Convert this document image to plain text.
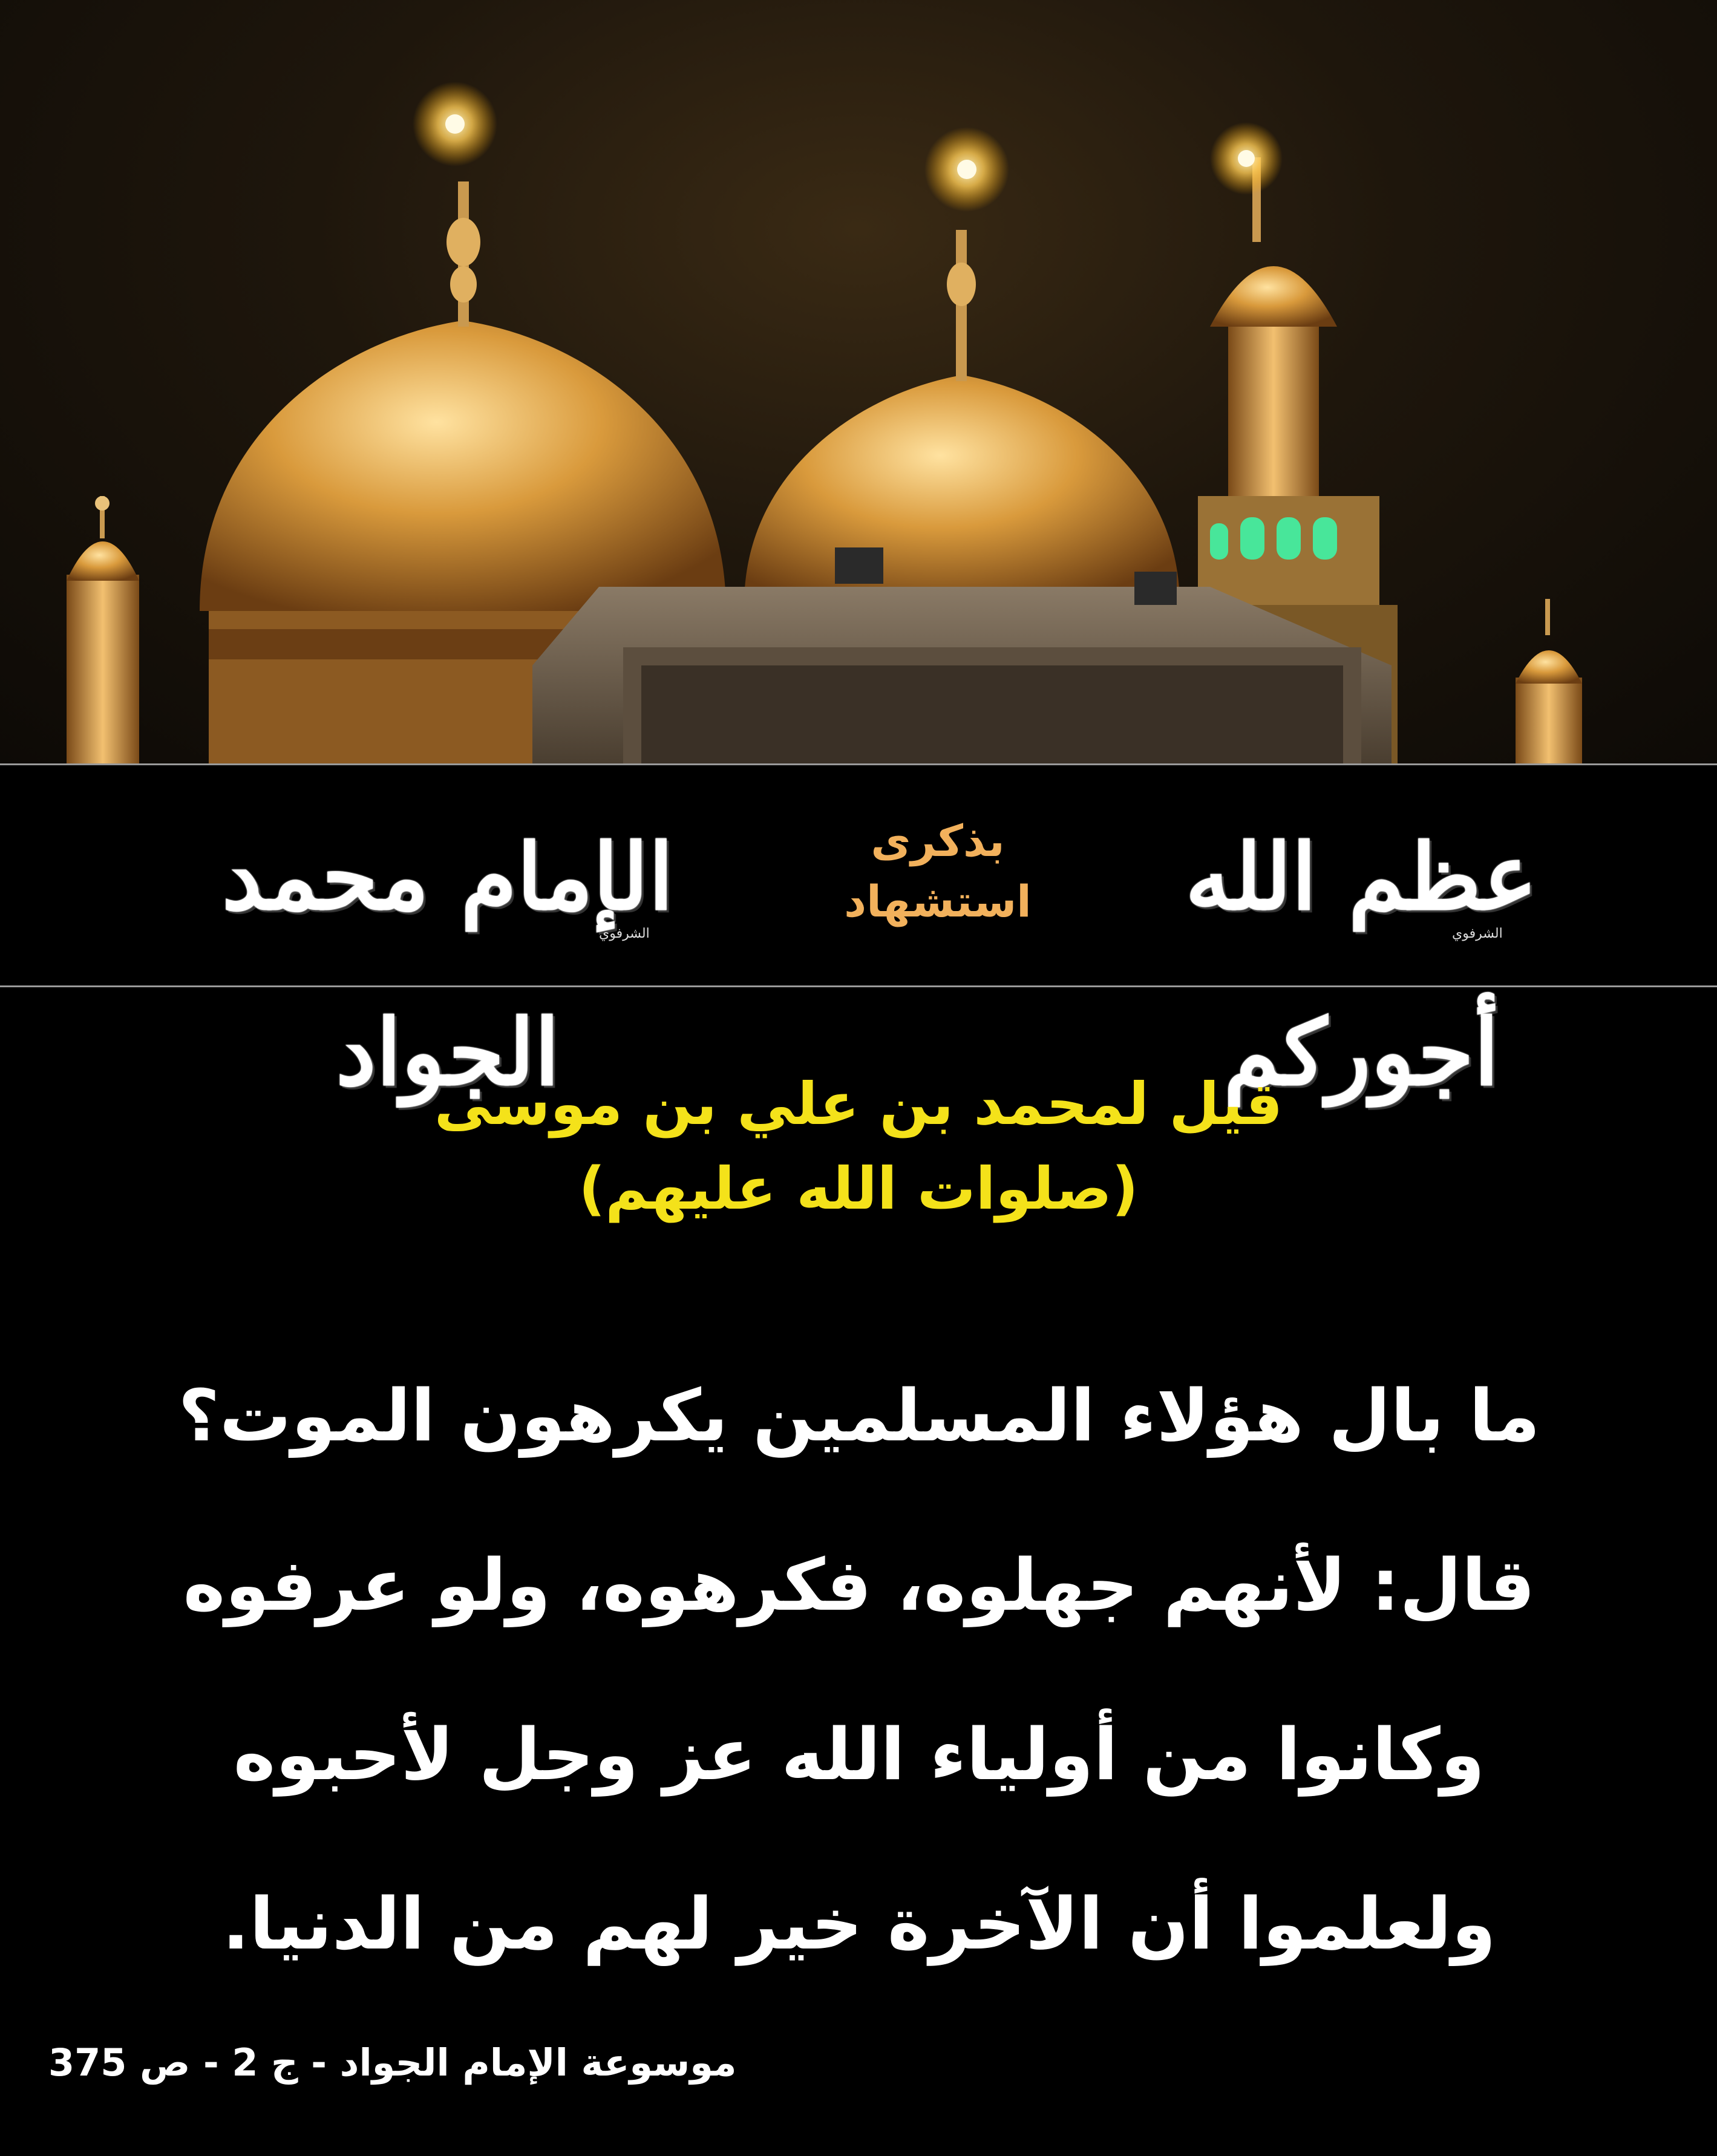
عظم الله أجوركم
الشرفوي
بذكرى
استشهاد
الإمام محمد الجواد
الشرفوي
قيل لمحمد بن علي بن موسى
(صلوات الله عليهم)
ما بال هؤلاء المسلمين يكرهون الموت؟
قال: لأنهم جهلوه، فكرهوه، ولو عرفوه
وكانوا من أولياء الله عز وجل لأحبوه
ولعلموا أن الآخرة خير لهم من الدنيا.
موسوعة الإمام الجواد - ج 2 - ص 375
